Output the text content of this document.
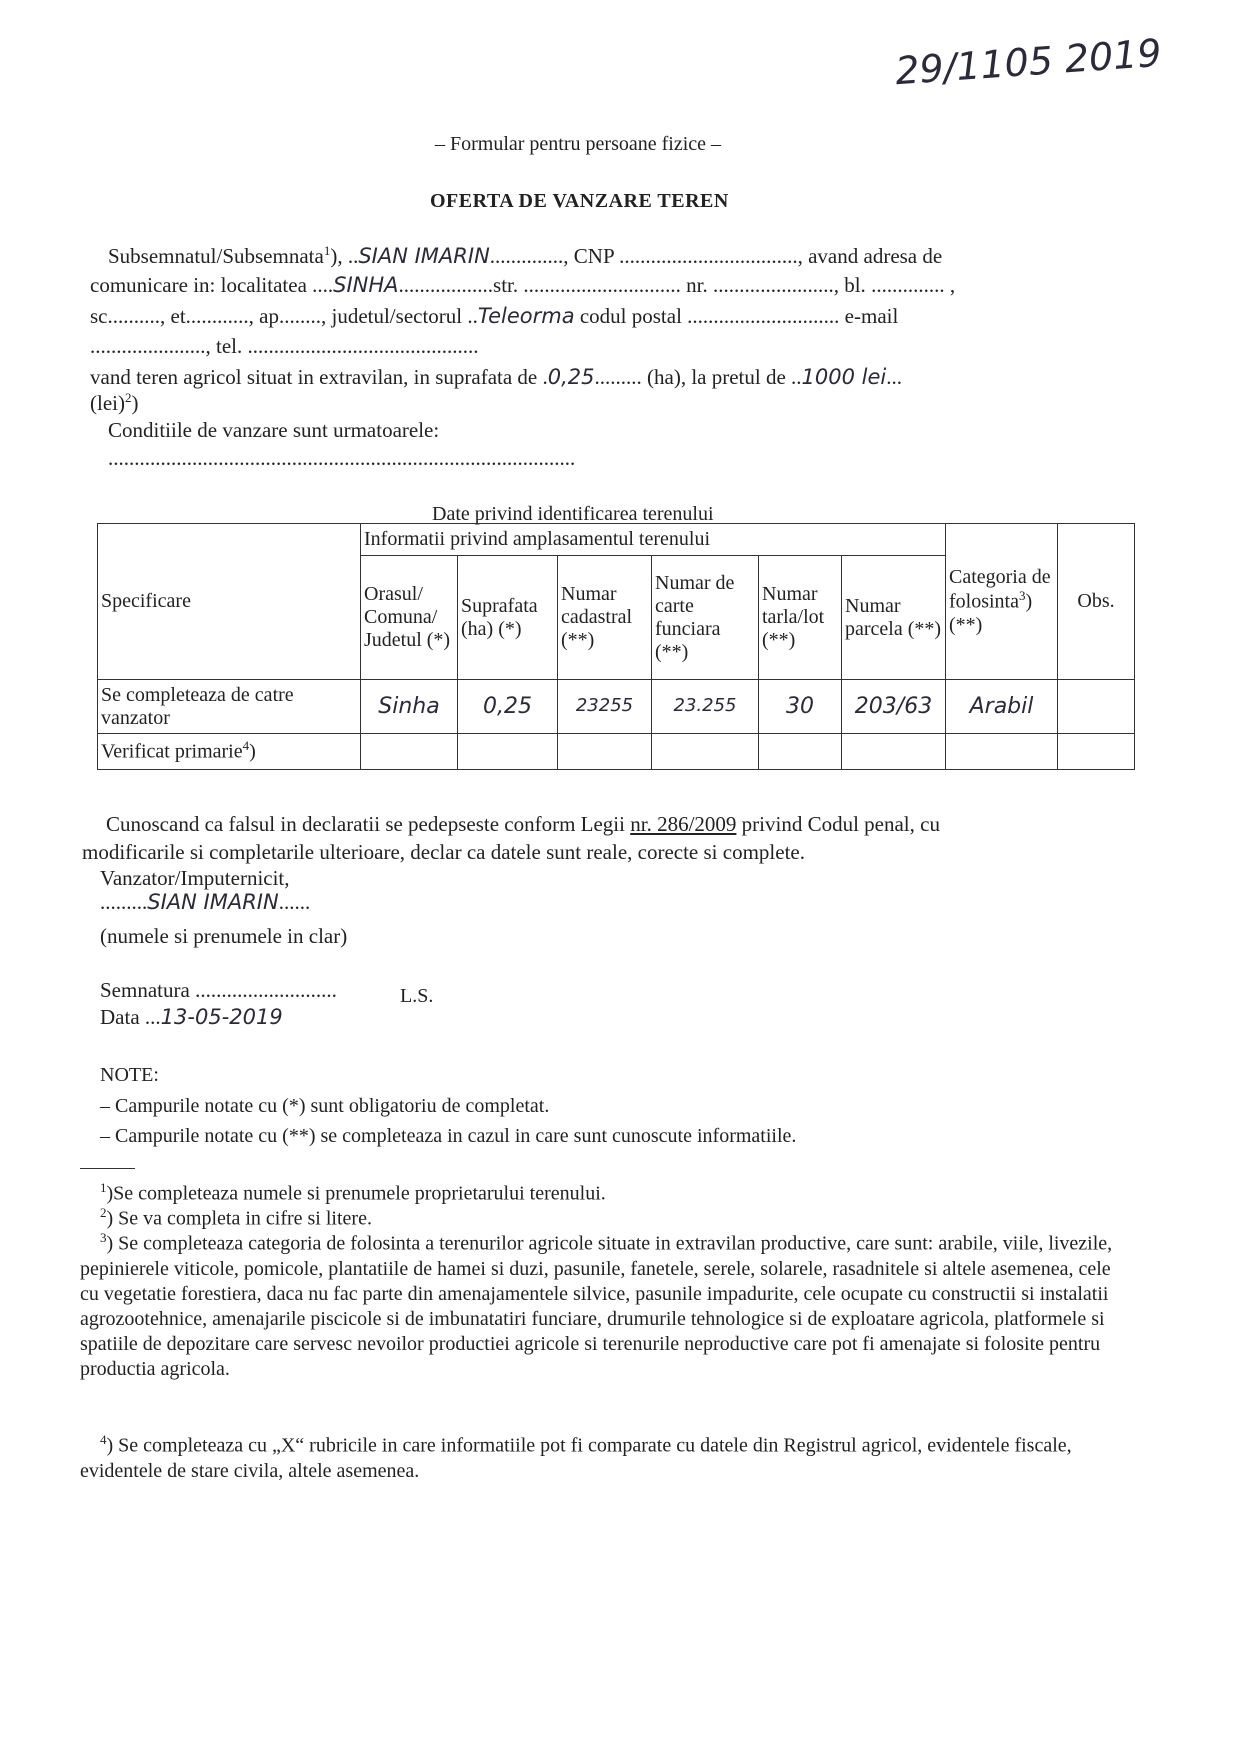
29/1105 2019
– Formular pentru persoane fizice –
OFERTA DE VANZARE TEREN
Subsemnatul/Subsemnata$^1$), ..SIAN IMARIN.............., CNP .................................., avand adresa de
comunicare in: localitatea ....SINHA..................str. .............................. nr. ......................., bl. .............. ,
sc.........., et............, ap........, judetul/sectorul ..Teleorma codul postal ............................. e-mail
......................, tel. ............................................
vand teren agricol situat in extravilan, in suprafata de .0,25......... (ha), la pretul de ..1000 lei...
(lei)$^2$)
Conditiile de vanzare sunt urmatoarele:
.........................................................................................
Date privind identificarea terenului
Specificare	Informatii privind amplasamentul terenului						Categoria de folosinta$^3$) (**)	Obs.
	Orasul/ Comuna/ Judetul (*)	Suprafata (ha) (*)	Numar cadastral (**)	Numar de carte funciara (**)	Numar tarla/lot (**)	Numar parcela (**)		
Se completeaza de catre vanzator	Sinha	0,25	23255	23.255	30	203/63	Arabil	
Verificat primarie$^4$)								
Cunoscand ca falsul in declaratii se pedepseste conform Legii nr. 286/2009 privind Codul penal, cu
modificarile si completarile ulterioare, declar ca datele sunt reale, corecte si complete.
Vanzator/Imputernicit,
.........SIAN IMARIN......
(numele si prenumele in clar)
Semnatura ...........................	L.S.
Data ...13-05-2019
NOTE:
– Campurile notate cu (*) sunt obligatoriu de completat.
– Campurile notate cu (**) se completeaza in cazul in care sunt cunoscute informatiile.
$^1$)Se completeaza numele si prenumele proprietarului terenului.
$^2$) Se va completa in cifre si litere.
$^3$) Se completeaza categoria de folosinta a terenurilor agricole situate in extravilan productive, care sunt: arabile, viile, livezile, pepinierele viticole, pomicole, plantatiile de hamei si duzi, pasunile, fanetele, serele, solarele, rasadnitele si altele asemenea, cele cu vegetatie forestiera, daca nu fac parte din amenajamentele silvice, pasunile impadurite, cele ocupate cu constructii si instalatii agrozootehnice, amenajarile piscicole si de imbunatatiri funciare, drumurile tehnologice si de exploatare agricola, platformele si spatiile de depozitare care servesc nevoilor productiei agricole si terenurile neproductive care pot fi amenajate si folosite pentru productia agricola.
$^4$) Se completeaza cu „X“ rubricile in care informatiile pot fi comparate cu datele din Registrul agricol, evidentele fiscale, evidentele de stare civila, altele asemenea.
